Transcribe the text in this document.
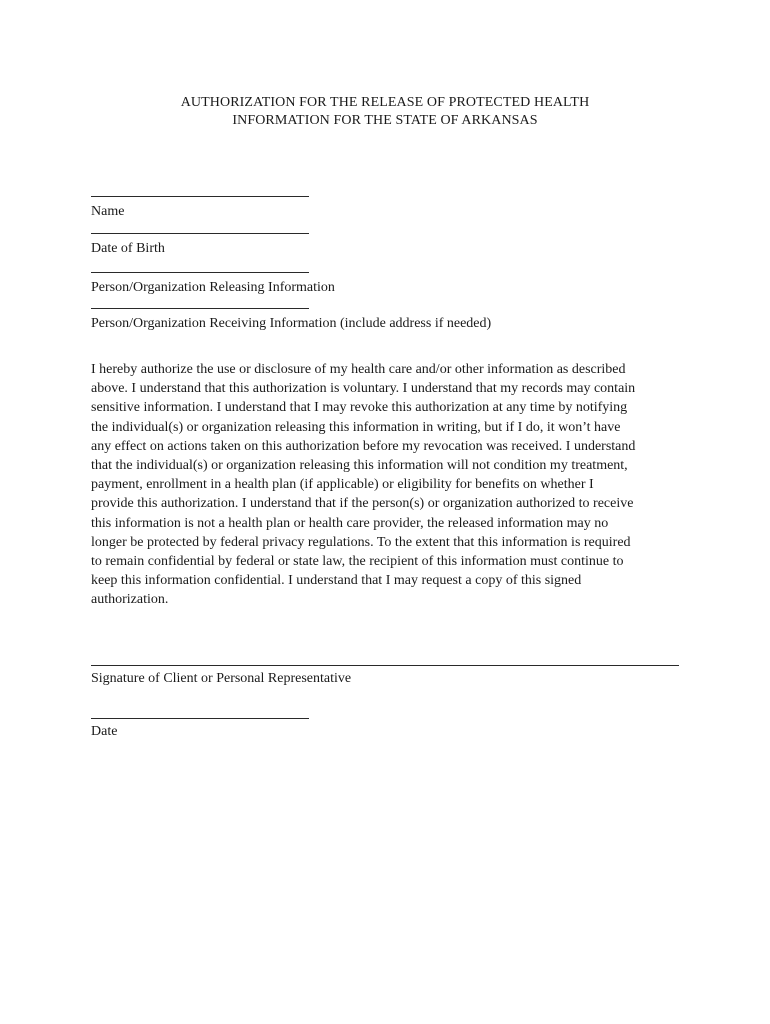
AUTHORIZATION FOR THE RELEASE OF PROTECTED HEALTH
INFORMATION FOR THE STATE OF ARKANSAS
Name
Date of Birth
Person/Organization Releasing Information
Person/Organization Receiving Information (include address if needed)
I hereby authorize the use or disclosure of my health care and/or other information as described
above. I understand that this authorization is voluntary. I understand that my records may contain
sensitive information. I understand that I may revoke this authorization at any time by notifying
the individual(s) or organization releasing this information in writing, but if I do, it won’t have
any effect on actions taken on this authorization before my revocation was received. I understand
that the individual(s) or organization releasing this information will not condition my treatment,
payment, enrollment in a health plan (if applicable) or eligibility for benefits on whether I
provide this authorization. I understand that if the person(s) or organization authorized to receive
this information is not a health plan or health care provider, the released information may no
longer be protected by federal privacy regulations. To the extent that this information is required
to remain confidential by federal or state law, the recipient of this information must continue to
keep this information confidential. I understand that I may request a copy of this signed
authorization.
Signature of Client or Personal Representative
Date
